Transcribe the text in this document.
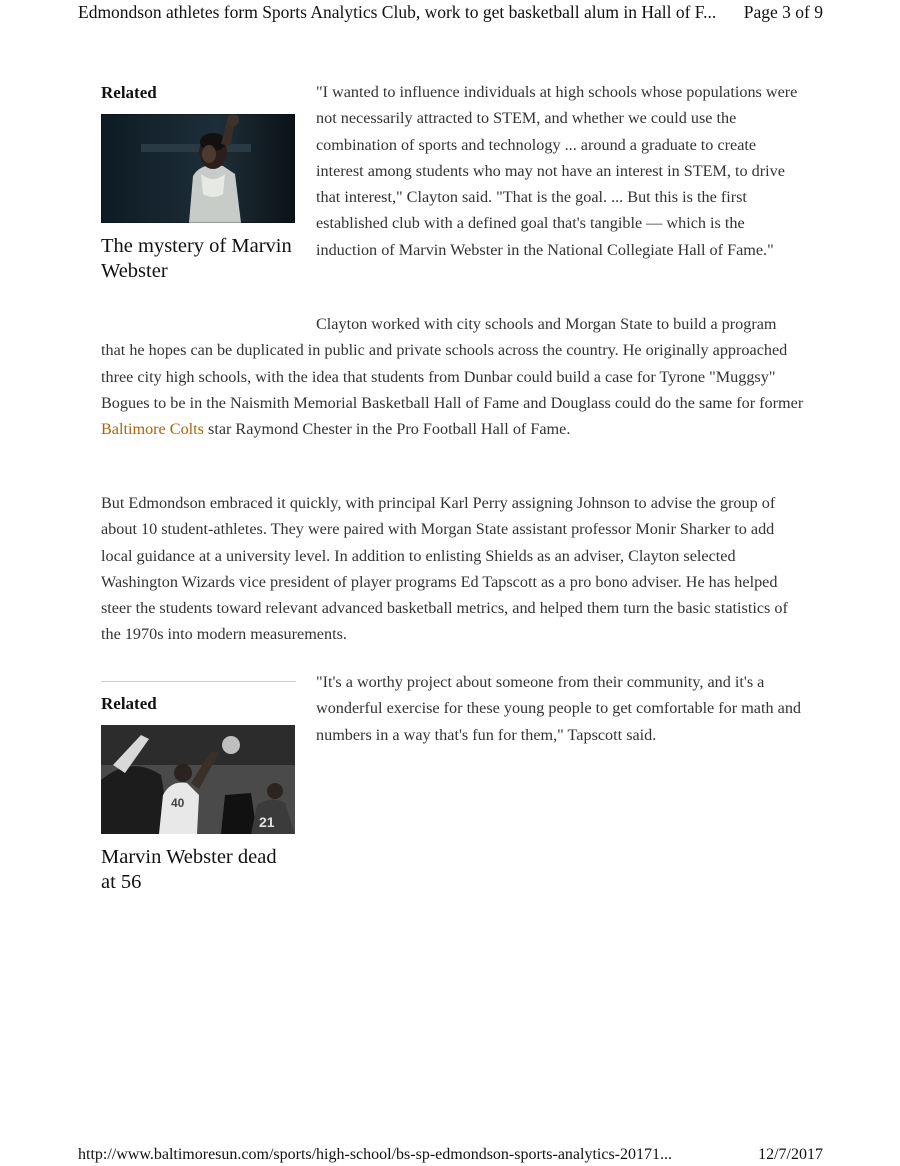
Edmondson athletes form Sports Analytics Club, work to get basketball alum in Hall of F... Page 3 of 9
Related
The mystery of Marvin Webster

"I wanted to influence individuals at high schools whose populations were not necessarily attracted to STEM, and whether we could use the combination of sports and technology ... around a graduate to create interest among students who may not have an interest in STEM, to drive that interest," Clayton said. "That is the goal. ... But this is the first established club with a defined goal that's tangible — which is the induction of Marvin Webster in the National Collegiate Hall of Fame."

Clayton worked with city schools and Morgan State to build a program that he hopes can be duplicated in public and private schools across the country. He originally approached three city high schools, with the idea that students from Dunbar could build a case for Tyrone "Muggsy" Bogues to be in the Naismith Memorial Basketball Hall of Fame and Douglass could do the same for former Baltimore Colts star Raymond Chester in the Pro Football Hall of Fame.

But Edmondson embraced it quickly, with principal Karl Perry assigning Johnson to advise the group of about 10 student-athletes. They were paired with Morgan State assistant professor Monir Sharker to add local guidance at a university level. In addition to enlisting Shields as an adviser, Clayton selected Washington Wizards vice president of player programs Ed Tapscott as a pro bono adviser. He has helped steer the students toward relevant advanced basketball metrics, and helped them turn the basic statistics of the 1970s into modern measurements.

Related
40
21
Marvin Webster dead at 56

"It's a worthy project about someone from their community, and it's a wonderful exercise for these young people to get comfortable for math and numbers in a way that's fun for them," Tapscott said.

http://www.baltimoresun.com/sports/high-school/bs-sp-edmondson-sports-analytics-20171...	12/7/2017
